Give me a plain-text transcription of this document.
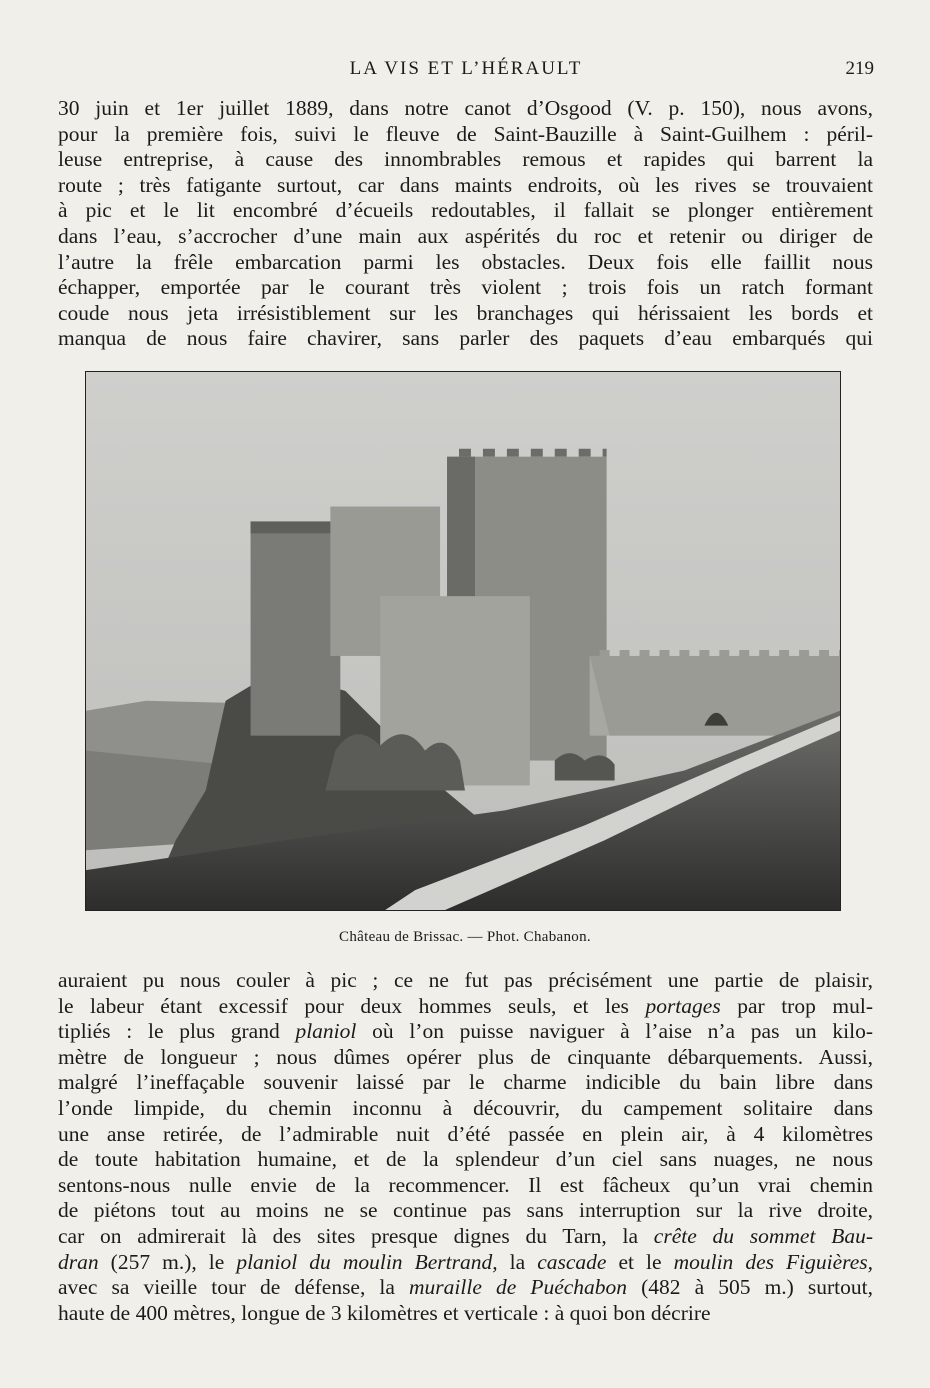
LA VIS ET L’HÉRAULT	219
30 juin et 1er juillet 1889, dans notre canot d’Osgood (V. p. 150), nous avons,
pour la première fois, suivi le fleuve de Saint-Bauzille à Saint-Guilhem : péril-
leuse entreprise, à cause des innombrables remous et rapides qui barrent la
route ; très fatigante surtout, car dans maints endroits, où les rives se trouvaient
à pic et le lit encombré d’écueils redoutables, il fallait se plonger entièrement
dans l’eau, s’accrocher d’une main aux aspérités du roc et retenir ou diriger de
l’autre la frêle embarcation parmi les obstacles. Deux fois elle faillit nous
échapper, emportée par le courant très violent ; trois fois un ratch formant
coude nous jeta irrésistiblement sur les branchages qui hérissaient les bords et
manqua de nous faire chavirer, sans parler des paquets d’eau embarqués qui
Château de Brissac. — Phot. Chabanon.
auraient pu nous couler à pic ; ce ne fut pas précisément une partie de plaisir,
le labeur étant excessif pour deux hommes seuls, et les portages par trop mul-
tipliés : le plus grand planiol où l’on puisse naviguer à l’aise n’a pas un kilo-
mètre de longueur ; nous dûmes opérer plus de cinquante débarquements. Aussi,
malgré l’ineffaçable souvenir laissé par le charme indicible du bain libre dans
l’onde limpide, du chemin inconnu à découvrir, du campement solitaire dans
une anse retirée, de l’admirable nuit d’été passée en plein air, à 4 kilomètres
de toute habitation humaine, et de la splendeur d’un ciel sans nuages, ne nous
sentons-nous nulle envie de la recommencer. Il est fâcheux qu’un vrai chemin
de piétons tout au moins ne se continue pas sans interruption sur la rive droite,
car on admirerait là des sites presque dignes du Tarn, la crête du sommet Bau-
dran (257 m.), le planiol du moulin Bertrand, la cascade et le moulin des Figuières,
avec sa vieille tour de défense, la muraille de Puéchabon (482 à 505 m.) surtout,
haute de 400 mètres, longue de 3 kilomètres et verticale : à quoi bon décrire
